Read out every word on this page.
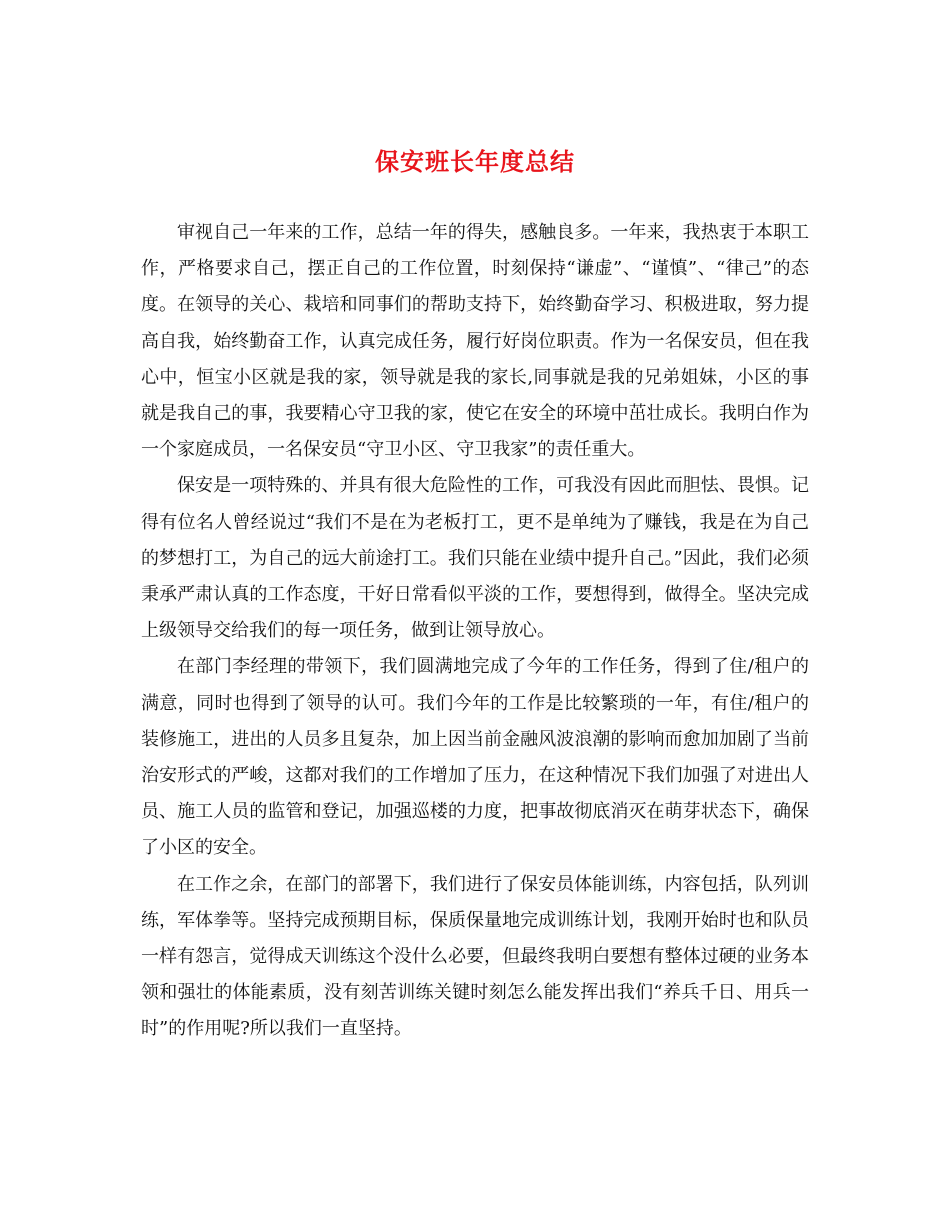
保安班长年度总结

审视自己一年来的工作，总结一年的得失，感触良多。一年来，我热衷于本职工作，严格要求自己，摆正自己的工作位置，时刻保持“谦虚”、“谨慎”、“律己”的态度。在领导的关心、栽培和同事们的帮助支持下，始终勤奋学习、积极进取，努力提高自我，始终勤奋工作，认真完成任务，履行好岗位职责。作为一名保安员，但在我心中，恒宝小区就是我的家，领导就是我的家长,同事就是我的兄弟姐妹，小区的事就是我自己的事，我要精心守卫我的家，使它在安全的环境中茁壮成长。我明白作为一个家庭成员，一名保安员“守卫小区、守卫我家”的责任重大。

保安是一项特殊的、并具有很大危险性的工作，可我没有因此而胆怯、畏惧。记得有位名人曾经说过“我们不是在为老板打工，更不是单纯为了赚钱，我是在为自己的梦想打工，为自己的远大前途打工。我们只能在业绩中提升自己。”因此，我们必须秉承严肃认真的工作态度，干好日常看似平淡的工作，要想得到，做得全。坚决完成上级领导交给我们的每一项任务，做到让领导放心。

在部门李经理的带领下，我们圆满地完成了今年的工作任务，得到了住/租户的满意，同时也得到了领导的认可。我们今年的工作是比较繁琐的一年，有住/租户的装修施工，进出的人员多且复杂，加上因当前金融风波浪潮的影响而愈加加剧了当前治安形式的严峻，这都对我们的工作增加了压力，在这种情况下我们加强了对进出人员、施工人员的监管和登记，加强巡楼的力度，把事故彻底消灭在萌芽状态下，确保了小区的安全。

在工作之余，在部门的部署下，我们进行了保安员体能训练，内容包括，队列训练，军体拳等。坚持完成预期目标，保质保量地完成训练计划，我刚开始时也和队员一样有怨言，觉得成天训练这个没什么必要，但最终我明白要想有整体过硬的业务本领和强壮的体能素质，没有刻苦训练关键时刻怎么能发挥出我们“养兵千日、用兵一时”的作用呢?所以我们一直坚持。
